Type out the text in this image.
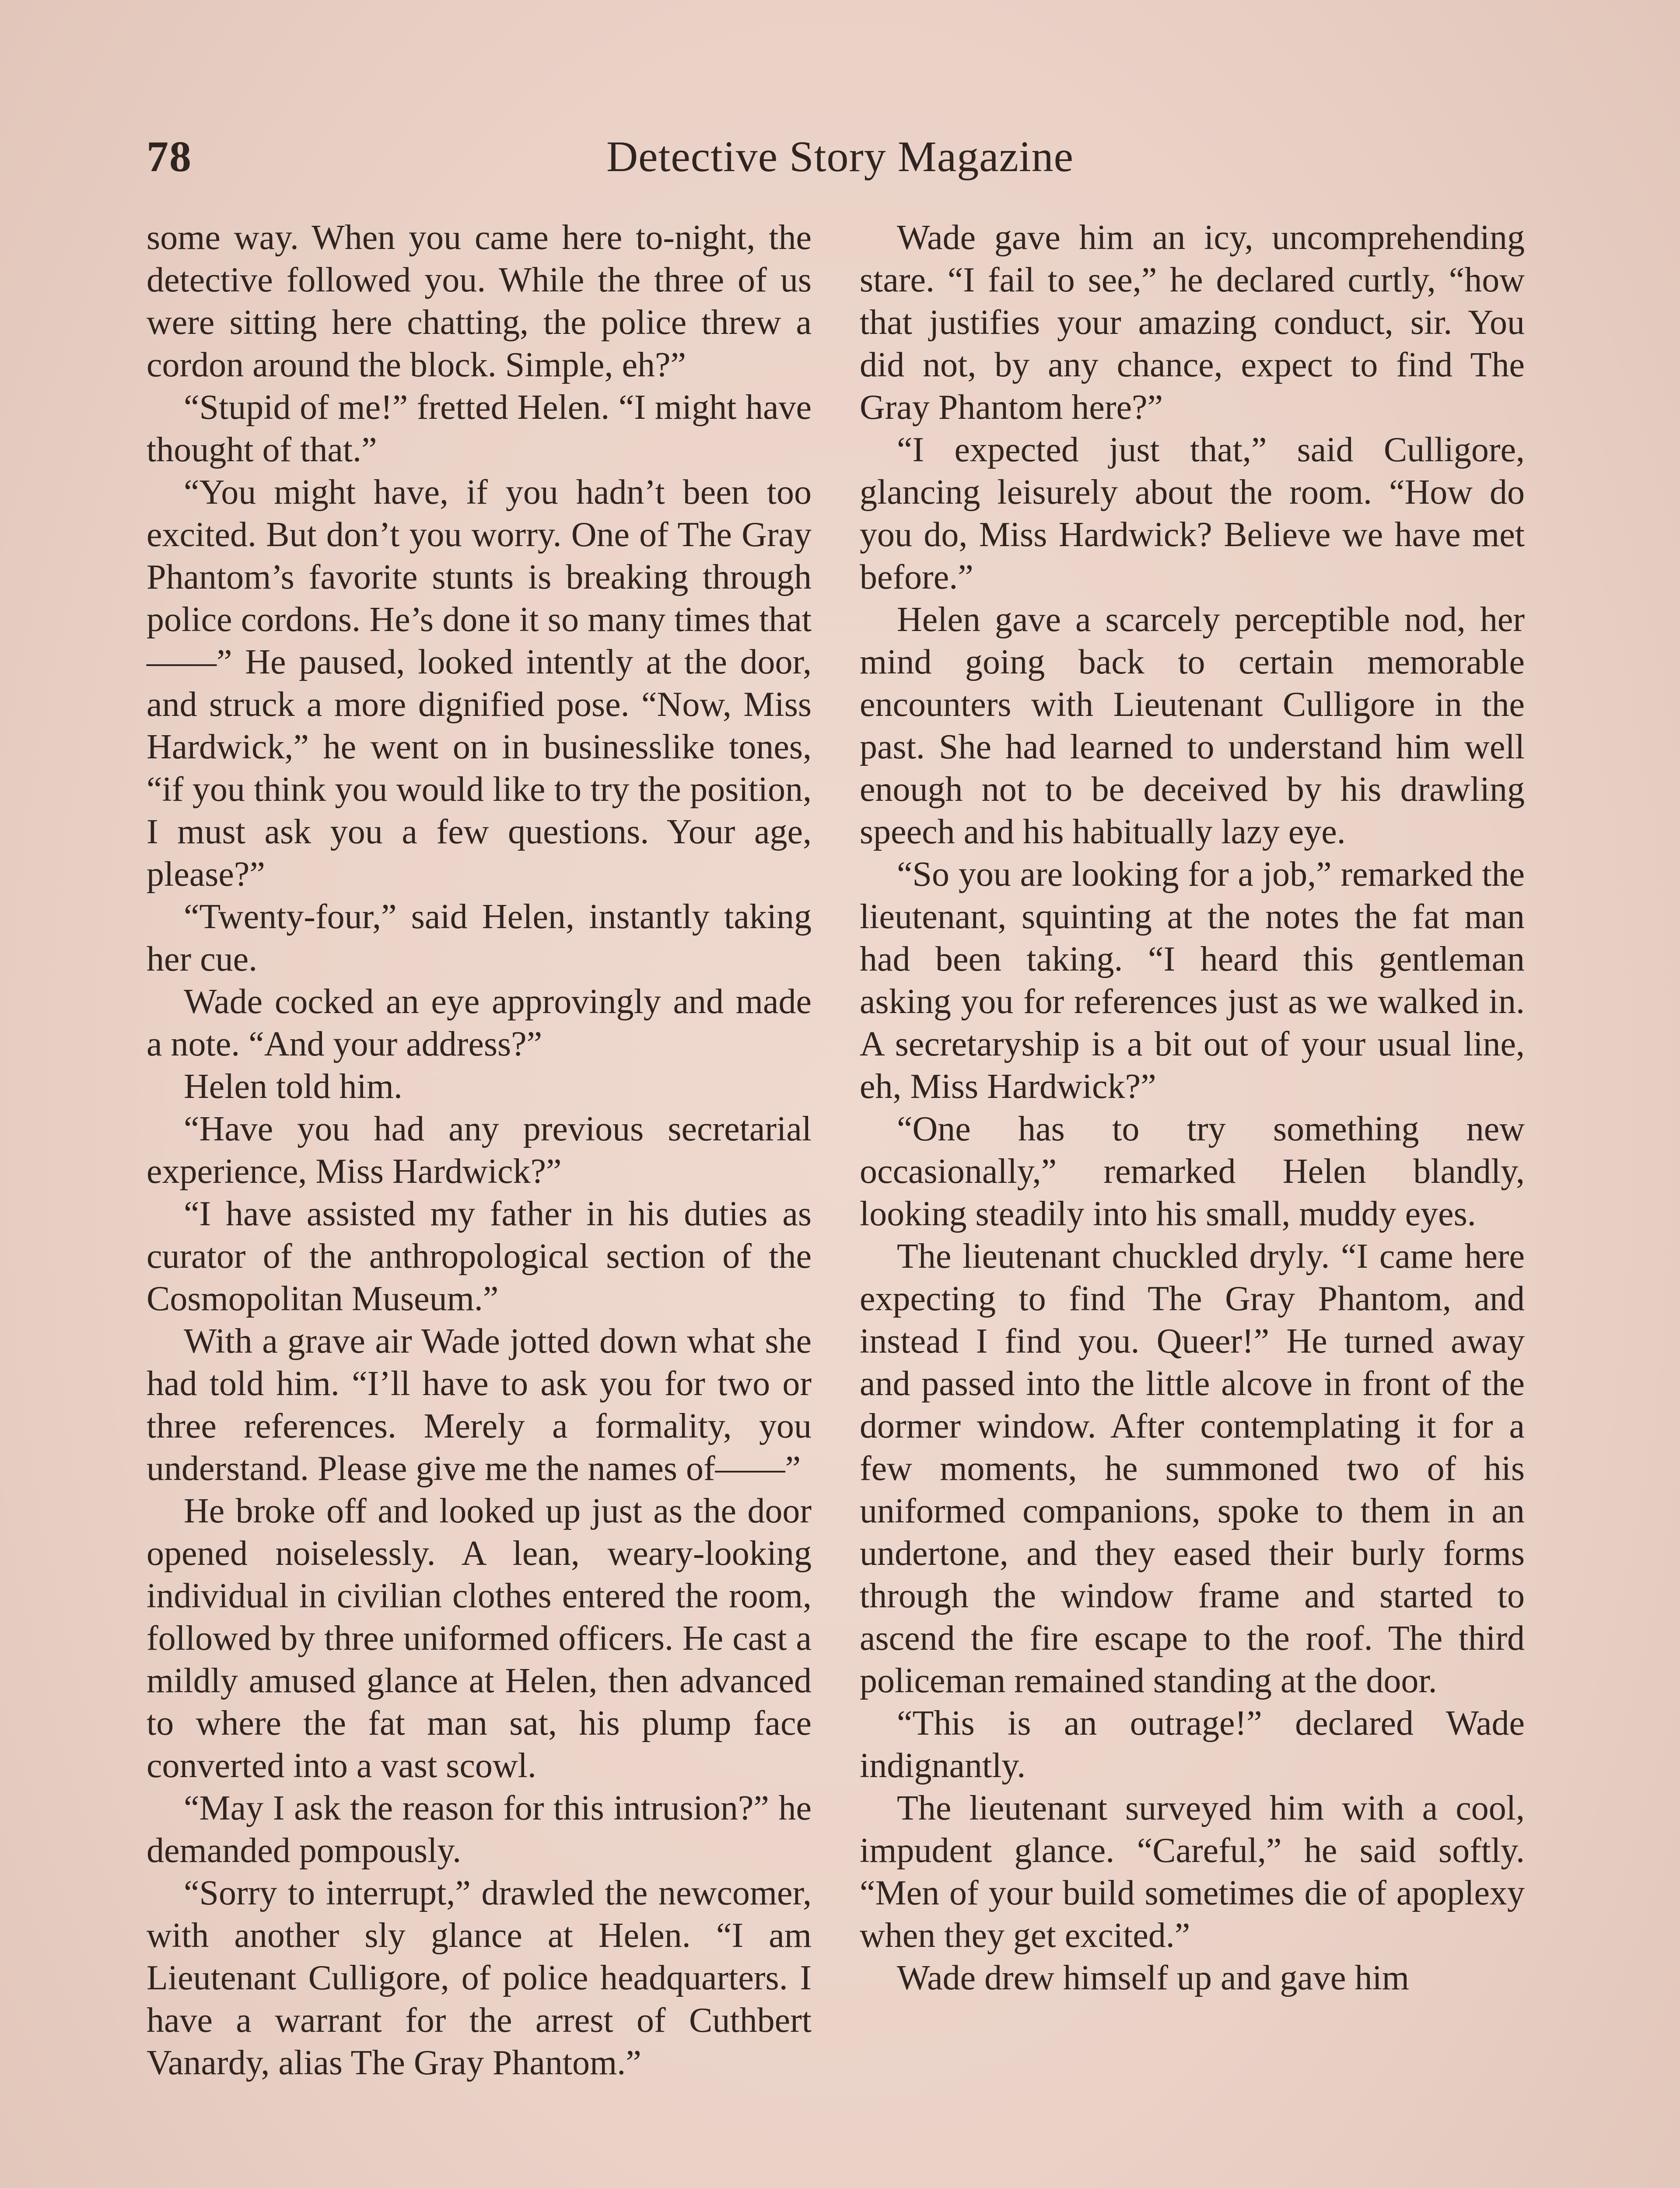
78	Detective Story Magazine

some way. When you came here to-night, the detective followed you. While the three of us were sitting here chatting, the police threw a cordon around the block. Simple, eh?”

“Stupid of me!” fretted Helen. “I might have thought of that.”

“You might have, if you hadn’t been too excited. But don’t you worry. One of The Gray Phantom’s favorite stunts is breaking through police cordons. He’s done it so many times that——” He paused, looked intently at the door, and struck a more dignified pose. “Now, Miss Hardwick,” he went on in businesslike tones, “if you think you would like to try the position, I must ask you a few questions. Your age, please?”

“Twenty-four,” said Helen, instantly taking her cue.

Wade cocked an eye approvingly and made a note. “And your address?”

Helen told him.

“Have you had any previous secretarial experience, Miss Hardwick?”

“I have assisted my father in his duties as curator of the anthropological section of the Cosmopolitan Museum.”

With a grave air Wade jotted down what she had told him. “I’ll have to ask you for two or three references. Merely a formality, you understand. Please give me the names of——”

He broke off and looked up just as the door opened noiselessly. A lean, weary-looking individual in civilian clothes entered the room, followed by three uniformed officers. He cast a mildly amused glance at Helen, then advanced to where the fat man sat, his plump face converted into a vast scowl.

“May I ask the reason for this intrusion?” he demanded pompously.

“Sorry to interrupt,” drawled the newcomer, with another sly glance at Helen. “I am Lieutenant Culligore, of police headquarters. I have a warrant for the arrest of Cuthbert Vanardy, alias The Gray Phantom.”

Wade gave him an icy, uncomprehending stare. “I fail to see,” he declared curtly, “how that justifies your amazing conduct, sir. You did not, by any chance, expect to find The Gray Phantom here?”

“I expected just that,” said Culligore, glancing leisurely about the room. “How do you do, Miss Hardwick? Believe we have met before.”

Helen gave a scarcely perceptible nod, her mind going back to certain memorable encounters with Lieutenant Culligore in the past. She had learned to understand him well enough not to be deceived by his drawling speech and his habitually lazy eye.

“So you are looking for a job,” remarked the lieutenant, squinting at the notes the fat man had been taking. “I heard this gentleman asking you for references just as we walked in. A secretaryship is a bit out of your usual line, eh, Miss Hardwick?”

“One has to try something new occasionally,” remarked Helen blandly, looking steadily into his small, muddy eyes.

The lieutenant chuckled dryly. “I came here expecting to find The Gray Phantom, and instead I find you. Queer!” He turned away and passed into the little alcove in front of the dormer window. After contemplating it for a few moments, he summoned two of his uniformed companions, spoke to them in an undertone, and they eased their burly forms through the window frame and started to ascend the fire escape to the roof. The third policeman remained standing at the door.

“This is an outrage!” declared Wade indignantly.

The lieutenant surveyed him with a cool, impudent glance. “Careful,” he said softly. “Men of your build sometimes die of apoplexy when they get excited.”

Wade drew himself up and gave him
